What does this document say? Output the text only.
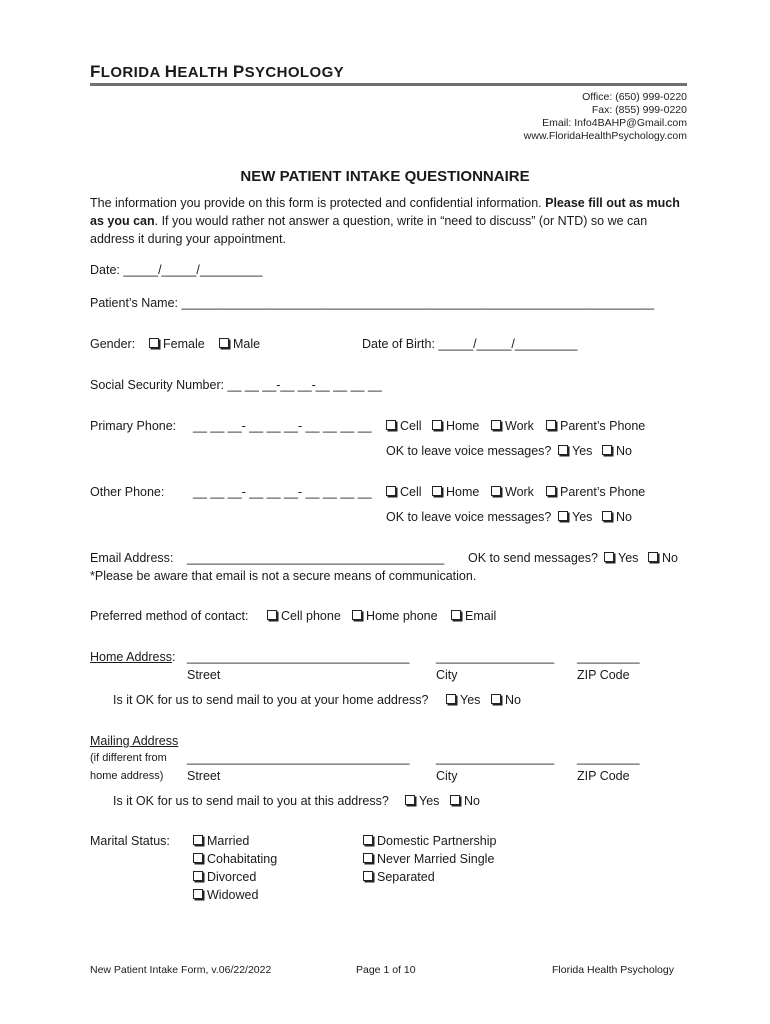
FLORIDA HEALTH PSYCHOLOGY
Office: (650) 999-0220
Fax: (855) 999-0220
Email: Info4BAHP@Gmail.com
www.FloridaHealthPsychology.com
NEW PATIENT INTAKE QUESTIONNAIRE
The information you provide on this form is protected and confidential information. Please fill out as much as you can. If you would rather not answer a question, write in “need to discuss” (or NTD) so we can address it during your appointment.
Date: _____/_____/_________
Patient’s Name: ____________________________________________________________________
Gender:	Female	Male	Date of Birth: _____/_____/_________
Social Security Number: __ __ __-__ __-__ __ __ __
Primary Phone: __ __ __- __ __ __- __ __ __ __	Cell	Home	Work	Parent’s Phone
OK to leave voice messages?	Yes	No
Other Phone: __ __ __- __ __ __- __ __ __ __	Cell	Home	Work	Parent’s Phone
OK to leave voice messages?	Yes	No
Email Address: _____________________________________ OK to send messages?	Yes	No
*Please be aware that email is not a secure means of communication.
Preferred method of contact:	Cell phone	Home phone	Email
Home Address: ________________________________ _________________ _________
Street	City	ZIP Code
Is it OK for us to send mail to you at your home address?	Yes	No
Mailing Address
(if different from
home address)
________________________________ _________________ _________
Street	City	ZIP Code
Is it OK for us to send mail to you at this address?	Yes	No
Marital Status:	Married
Cohabitating
Divorced
Widowed
Domestic Partnership
Never Married Single
Separated
New Patient Intake Form, v.06/22/2022	Page 1 of 10	Florida Health Psychology
